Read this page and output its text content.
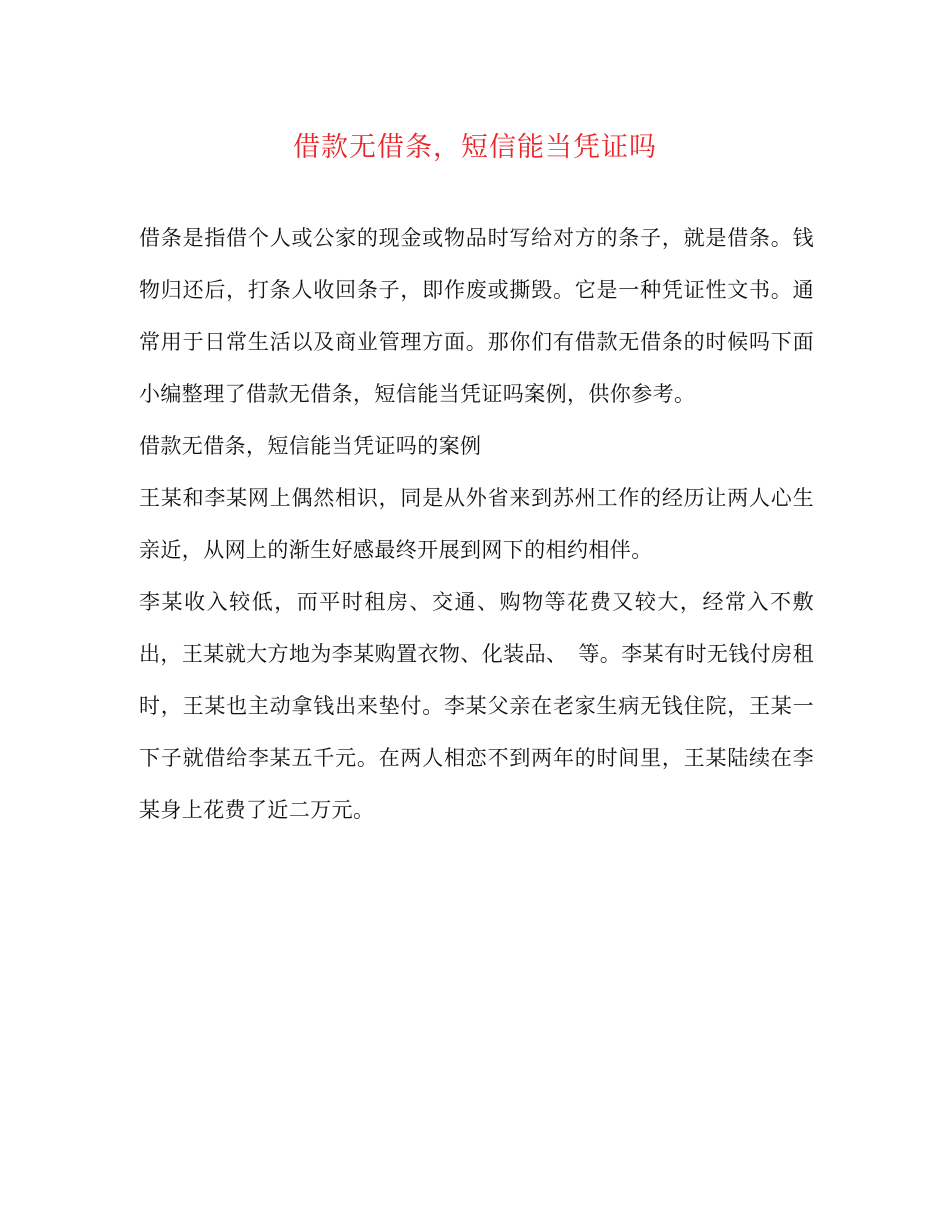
借款无借条，短信能当凭证吗

借条是指借个人或公家的现金或物品时写给对方的条子，就是借条。钱物归还后，打条人收回条子，即作废或撕毁。它是一种凭证性文书。通常用于日常生活以及商业管理方面。那你们有借款无借条的时候吗下面小编整理了借款无借条，短信能当凭证吗案例，供你参考。

借款无借条，短信能当凭证吗的案例

王某和李某网上偶然相识，同是从外省来到苏州工作的经历让两人心生亲近，从网上的渐生好感最终开展到网下的相约相伴。

李某收入较低，而平时租房、交通、购物等花费又较大，经常入不敷出，王某就大方地为李某购置衣物、化装品、　等。李某有时无钱付房租时，王某也主动拿钱出来垫付。李某父亲在老家生病无钱住院，王某一下子就借给李某五千元。在两人相恋不到两年的时间里，王某陆续在李某身上花费了近二万元。
